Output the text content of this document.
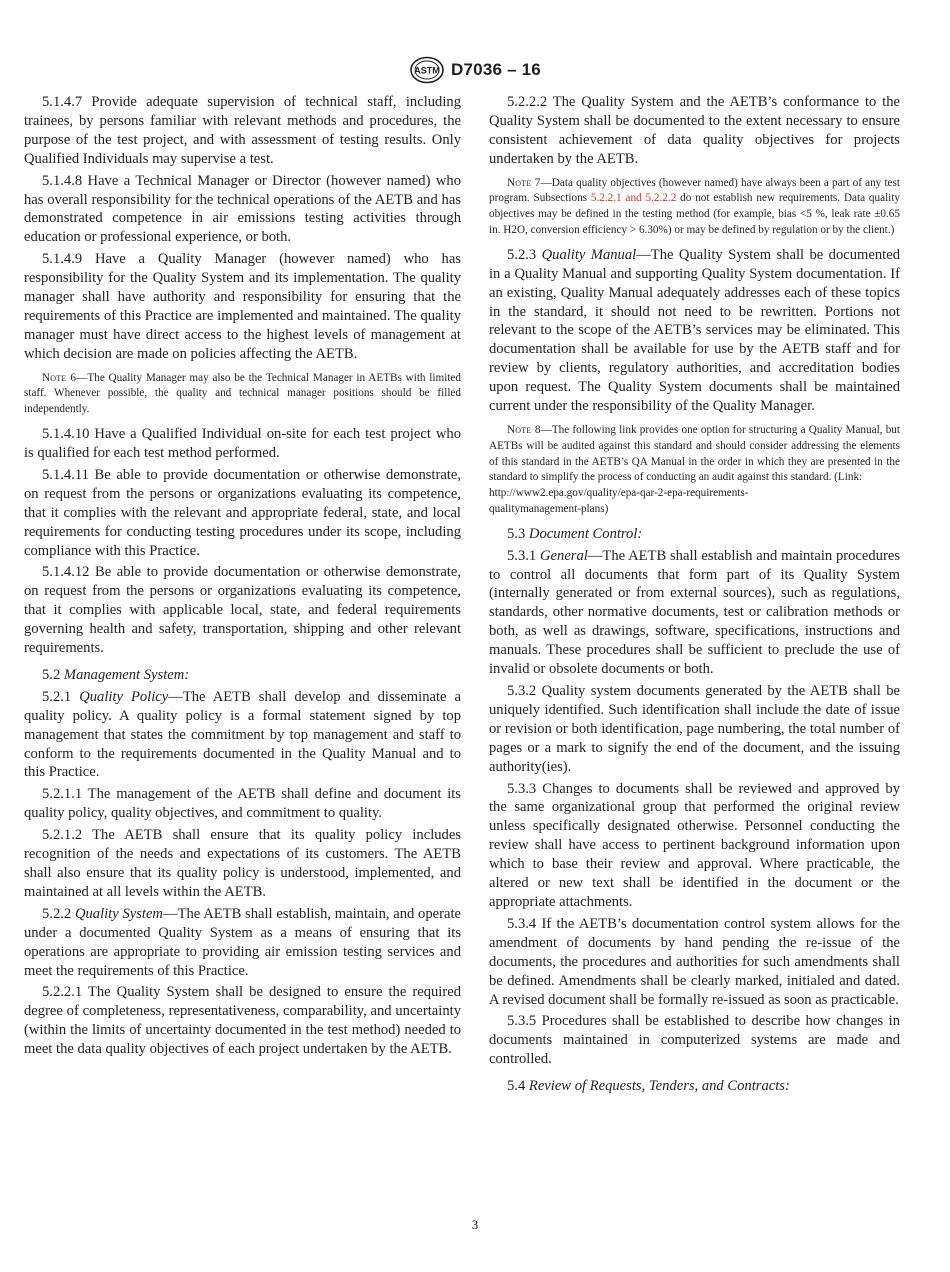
ASTM D7036 – 16

5.1.4.7 Provide adequate supervision of technical staff, including trainees, by persons familiar with relevant methods and procedures, the purpose of the test project, and with assessment of testing results. Only Qualified Individuals may supervise a test.

5.1.4.8 Have a Technical Manager or Director (however named) who has overall responsibility for the technical operations of the AETB and has demonstrated competence in air emissions testing activities through education or professional experience, or both.

5.1.4.9 Have a Quality Manager (however named) who has responsibility for the Quality System and its implementation. The quality manager shall have authority and responsibility for ensuring that the requirements of this Practice are implemented and maintained. The quality manager must have direct access to the highest levels of management at which decision are made on policies affecting the AETB.

Note 6—The Quality Manager may also be the Technical Manager in AETBs with limited staff. Whenever possible, the quality and technical manager positions should be filled independently.

5.1.4.10 Have a Qualified Individual on-site for each test project who is qualified for each test method performed.

5.1.4.11 Be able to provide documentation or otherwise demonstrate, on request from the persons or organizations evaluating its competence, that it complies with the relevant and appropriate federal, state, and local requirements for conducting testing procedures under its scope, including compliance with this Practice.

5.1.4.12 Be able to provide documentation or otherwise demonstrate, on request from the persons or organizations evaluating its competence, that it complies with applicable local, state, and federal requirements governing health and safety, transportation, shipping and other relevant requirements.

5.2 Management System:

5.2.1 Quality Policy—The AETB shall develop and disseminate a quality policy. A quality policy is a formal statement signed by top management that states the commitment by top management and staff to conform to the requirements documented in the Quality Manual and to this Practice.

5.2.1.1 The management of the AETB shall define and document its quality policy, quality objectives, and commitment to quality.

5.2.1.2 The AETB shall ensure that its quality policy includes recognition of the needs and expectations of its customers. The AETB shall also ensure that its quality policy is understood, implemented, and maintained at all levels within the AETB.

5.2.2 Quality System—The AETB shall establish, maintain, and operate under a documented Quality System as a means of ensuring that its operations are appropriate to providing air emission testing services and meet the requirements of this Practice.

5.2.2.1 The Quality System shall be designed to ensure the required degree of completeness, representativeness, comparability, and uncertainty (within the limits of uncertainty documented in the test method) needed to meet the data quality objectives of each project undertaken by the AETB.

5.2.2.2 The Quality System and the AETB’s conformance to the Quality System shall be documented to the extent necessary to ensure consistent achievement of data quality objectives for projects undertaken by the AETB.

Note 7—Data quality objectives (however named) have always been a part of any test program. Subsections 5.2.2.1 and 5.2.2.2 do not establish new requirements. Data quality objectives may be defined in the testing method (for example, bias <5 %, leak rate ±0.65 in. H2O, conversion efficiency > 6.30%) or may be defined by regulation or by the client.)

5.2.3 Quality Manual—The Quality System shall be documented in a Quality Manual and supporting Quality System documentation. If an existing, Quality Manual adequately addresses each of these topics in the standard, it should not need to be rewritten. Portions not relevant to the scope of the AETB’s services may be eliminated. This documentation shall be available for use by the AETB staff and for review by clients, regulatory authorities, and accreditation bodies upon request. The Quality System documents shall be maintained current under the responsibility of the Quality Manager.

Note 8—The following link provides one option for structuring a Quality Manual, but AETBs will be audited against this standard and should consider addressing the elements of this standard in the AETB’s QA Manual in the order in which they are presented in the standard to simplify the process of conducting an audit against this standard. (Link:
http://www2.epa.gov/quality/epa-qar-2-epa-requirements-
qualitymanagement-plans)

5.3 Document Control:

5.3.1 General—The AETB shall establish and maintain procedures to control all documents that form part of its Quality System (internally generated or from external sources), such as regulations, standards, other normative documents, test or calibration methods or both, as well as drawings, software, specifications, instructions and manuals. These procedures shall be sufficient to preclude the use of invalid or obsolete documents or both.

5.3.2 Quality system documents generated by the AETB shall be uniquely identified. Such identification shall include the date of issue or revision or both identification, page numbering, the total number of pages or a mark to signify the end of the document, and the issuing authority(ies).

5.3.3 Changes to documents shall be reviewed and approved by the same organizational group that performed the original review unless specifically designated otherwise. Personnel conducting the review shall have access to pertinent background information upon which to base their review and approval. Where practicable, the altered or new text shall be identified in the document or the appropriate attachments.

5.3.4 If the AETB’s documentation control system allows for the amendment of documents by hand pending the re-issue of the documents, the procedures and authorities for such amendments shall be defined. Amendments shall be clearly marked, initialed and dated. A revised document shall be formally re-issued as soon as practicable.

5.3.5 Procedures shall be established to describe how changes in documents maintained in computerized systems are made and controlled.

5.4 Review of Requests, Tenders, and Contracts:

3
